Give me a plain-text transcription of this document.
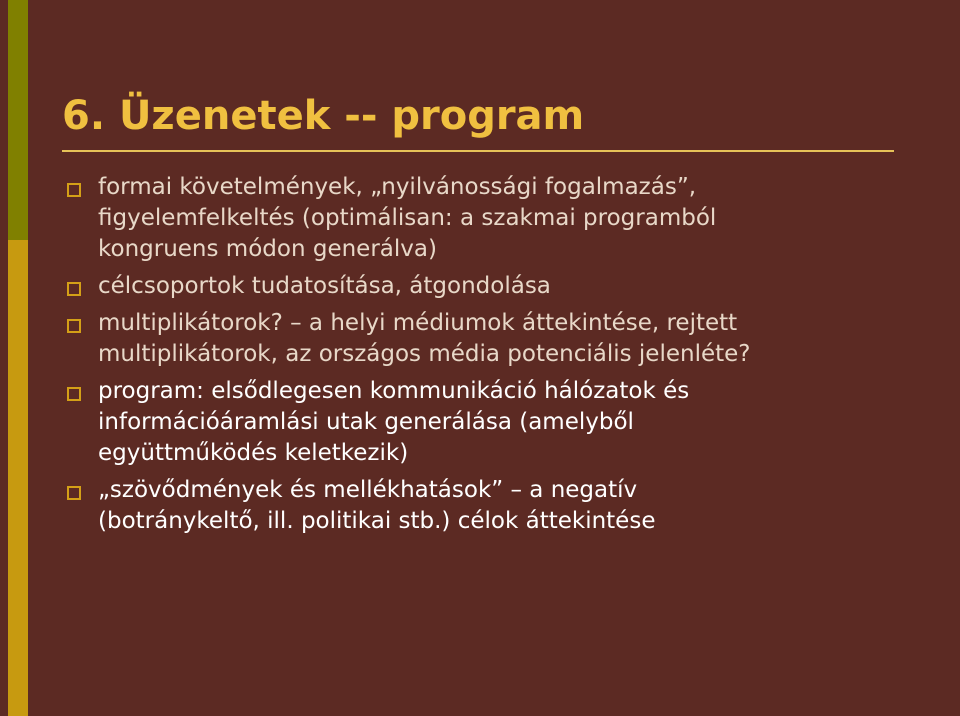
6. Üzenetek -- program
formai követelmények, „nyilvánossági fogalmazás”,
figyelemfelkeltés (optimálisan: a szakmai programból
kongruens módon generálva)
célcsoportok tudatosítása, átgondolása
multiplikátorok? – a helyi médiumok áttekintése, rejtett
multiplikátorok, az országos média potenciális jelenléte?
program: elsődlegesen kommunikáció hálózatok és
információáramlási utak generálása (amelyből
együttműködés keletkezik)
„szövődmények és mellékhatások” – a negatív
(botránykeltő, ill. politikai stb.) célok áttekintése
